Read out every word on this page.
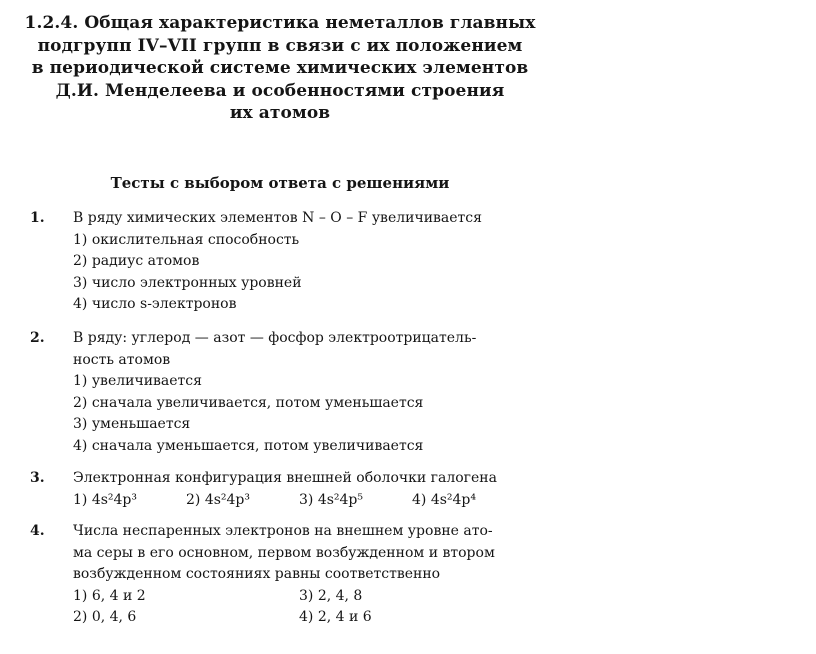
1.2.4. Общая характеристика неметаллов главных
подгрупп IV–VII групп в связи с их положением
в периодической системе химических элементов
Д.И. Менделеева и особенностями строения
их атомов
Тесты с выбором ответа с решениями
1. В ряду химических элементов N – O – F увеличивается
1) окислительная способность
2) радиус атомов
3) число электронных уровней
4) число s-электронов
2. В ряду: углерод — азот — фосфор электроотрицатель-
ность атомов
1) увеличивается
2) сначала увеличивается, потом уменьшается
3) уменьшается
4) сначала уменьшается, потом увеличивается
3. Электронная конфигурация внешней оболочки галогена
1) 4s²4p³	2) 4s²4p³	3) 4s²4p⁵	4) 4s²4p⁴
4. Числа неспаренных электронов на внешнем уровне ато-
ма серы в его основном, первом возбужденном и втором
возбужденном состояниях равны соответственно
1) 6, 4 и 2	3) 2, 4, 8
2) 0, 4, 6	4) 2, 4 и 6
